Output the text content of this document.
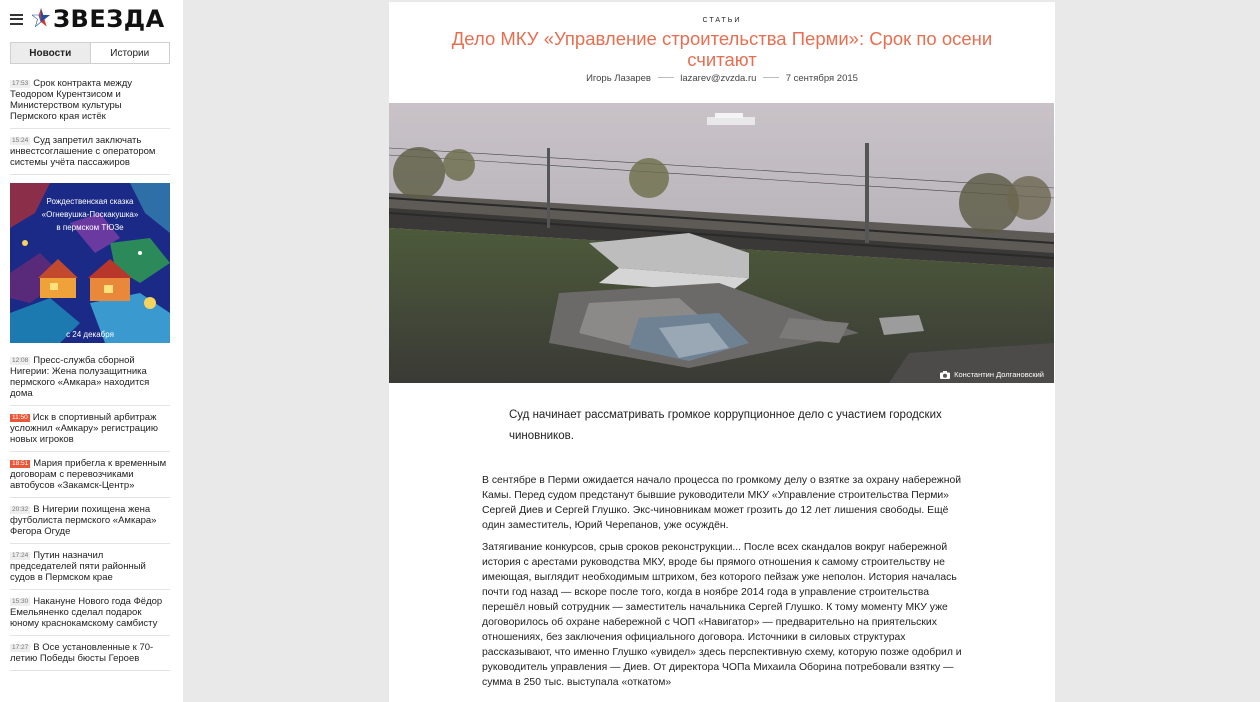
ЗВЕЗДА
Новости	Истории
17:53 Срок контракта между Теодором Курентзисом и Министерством культуры Пермского края истёк
15:24 Суд запретил заключать инвестсоглашение с оператором системы учёта пассажиров
Рождественская сказка
«Огневушка-Поскакушка»
в пермском ТЮЗе
с 24 декабря
12:08 Пресс-служба сборной Нигерии: Жена полузащитника пермского «Амкара» находится дома
11:50 Иск в спортивный арбитраж усложнил «Амкару» регистрацию новых игроков
18:51 Мария прибегла к временным договорам с перевозчиками автобусов «Закамск-Центр»
20:32 В Нигерии похищена жена футболиста пермского «Амкара» Фегора Огуде
17:24 Путин назначил председателей пяти районный судов в Пермском крае
15:30 Накануне Нового года Фёдор Емельяненко сделал подарок юному краснокамскому самбисту
17:27 В Осе установленные к 70-летию Победы бюсты Героев
СТАТЬИ
Дело МКУ «Управление строительства Перми»: Срок по осени считают
Игорь Лазарев	lazarev@zvzda.ru	7 сентября 2015
Константин Долгановский
Суд начинает рассматривать громкое коррупционное дело с участием городских чиновников.

В сентябре в Перми ожидается начало процесса по громкому делу о взятке за охрану набережной Камы. Перед судом предстанут бывшие руководители МКУ «Управление строительства Перми» Сергей Диев и Сергей Глушко. Экс-чиновникам может грозить до 12 лет лишения свободы. Ещё один заместитель, Юрий Черепанов, уже осуждён.

Затягивание конкурсов, срыв сроков реконструкции... После всех скандалов вокруг набережной история с арестами руководства МКУ, вроде бы прямого отношения к самому строительству не имеющая, выглядит необходимым штрихом, без которого пейзаж уже неполон. История началась почти год назад — вскоре после того, когда в ноябре 2014 года в управление строительства перешёл новый сотрудник — заместитель начальника Сергей Глушко. К тому моменту МКУ уже договорилось об охране набережной с ЧОП «Навигатор» — предварительно на приятельских отношениях, без заключения официального договора. Источники в силовых структурах рассказывают, что именно Глушко «увидел» здесь перспективную схему, которую позже одобрил и руководитель управления — Диев. От директора ЧОПа Михаила Оборина потребовали взятку — сумма в 250 тыс. выступала «откатом»
